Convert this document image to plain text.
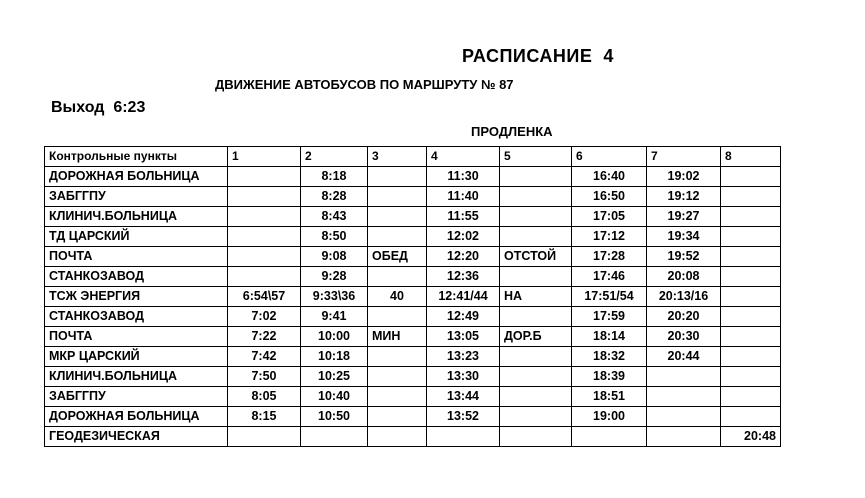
РАСПИСАНИЕ  4
ДВИЖЕНИЕ АВТОБУСОВ ПО МАРШРУТУ № 87
Выход  6:23
ПРОДЛЕНКА
Контрольные пункты	1	2	3	4	5	6	7	8
ДОРОЖНАЯ БОЛЬНИЦА		8:18		11:30		16:40	19:02	
ЗАБГГПУ		8:28		11:40		16:50	19:12	
КЛИНИЧ.БОЛЬНИЦА		8:43		11:55		17:05	19:27	
ТД ЦАРСКИЙ		8:50		12:02		17:12	19:34	
ПОЧТА		9:08	ОБЕД	12:20	ОТСТОЙ	17:28	19:52	
СТАНКОЗАВОД		9:28		12:36		17:46	20:08	
ТСЖ ЭНЕРГИЯ	6:54\57	9:33\36	40	12:41/44	НА	17:51/54	20:13/16	
СТАНКОЗАВОД	7:02	9:41		12:49		17:59	20:20	
ПОЧТА	7:22	10:00	МИН	13:05	ДОР.Б	18:14	20:30	
МКР ЦАРСКИЙ	7:42	10:18		13:23		18:32	20:44	
КЛИНИЧ.БОЛЬНИЦА	7:50	10:25		13:30		18:39		
ЗАБГГПУ	8:05	10:40		13:44		18:51		
ДОРОЖНАЯ БОЛЬНИЦА	8:15	10:50		13:52		19:00		
ГЕОДЕЗИЧЕСКАЯ								20:48
